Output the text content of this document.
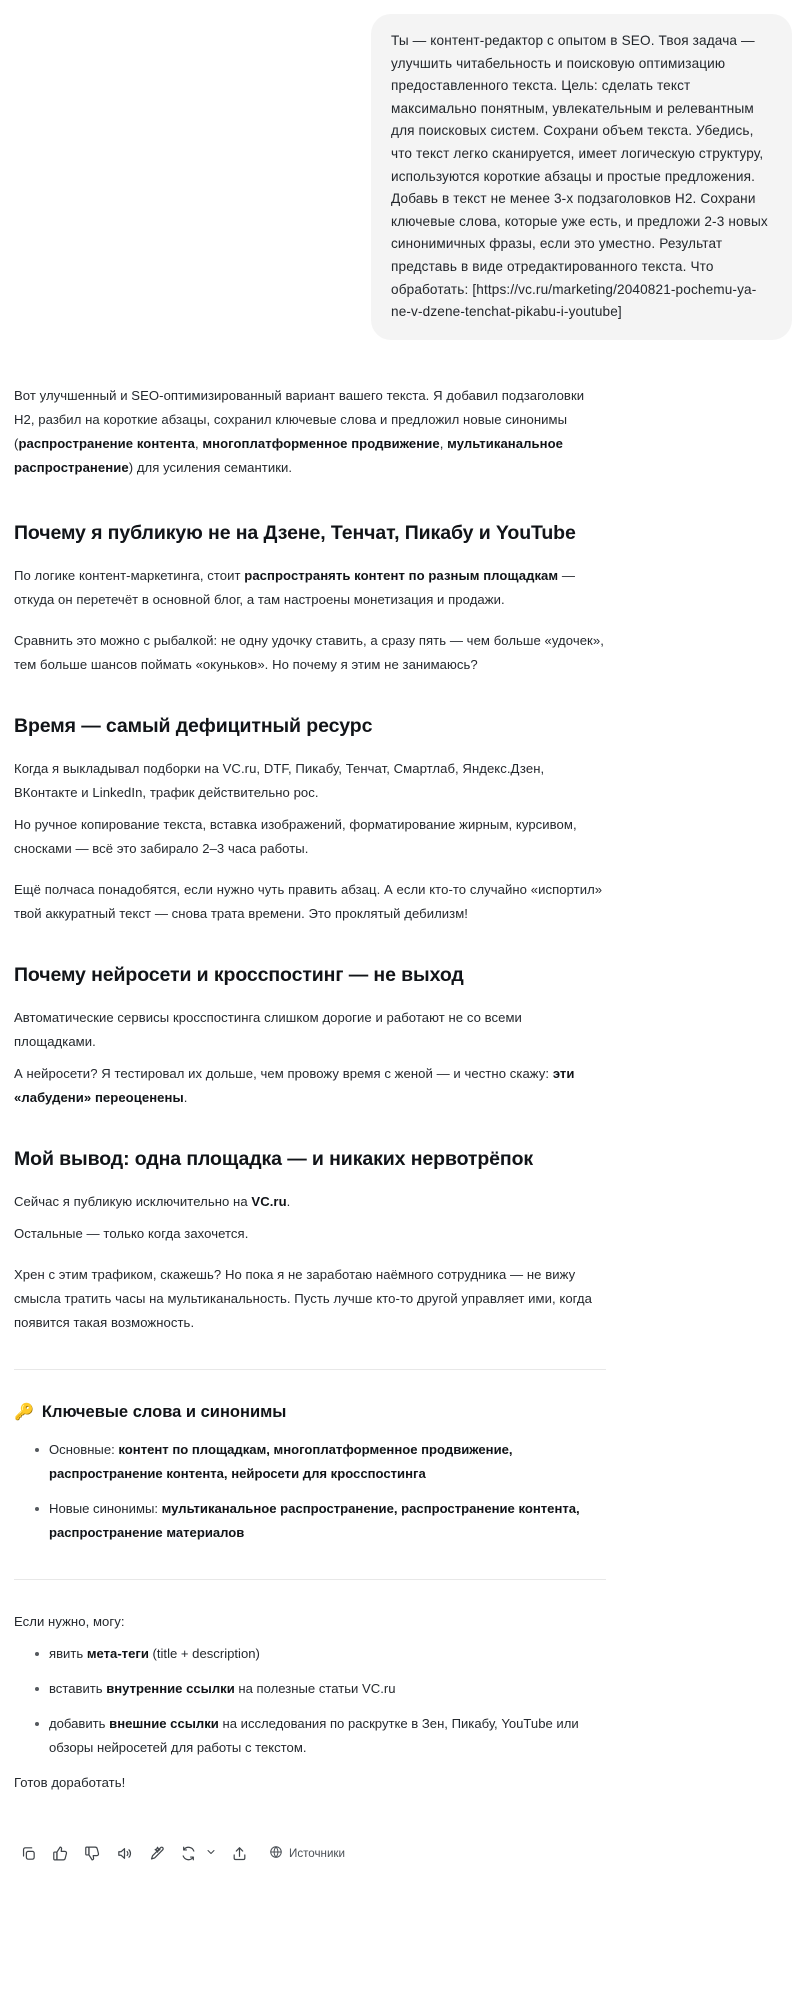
Ты — контент-редактор с опытом в SEO. Твоя задача — улучшить читабельность и поисковую оптимизацию предоставленного текста. Цель: сделать текст максимально понятным, увлекательным и релевантным для поисковых систем. Сохрани объем текста. Убедись, что текст легко сканируется, имеет логическую структуру, используются короткие абзацы и простые предложения. Добавь в текст не менее 3-х подзаголовков H2. Сохрани ключевые слова, которые уже есть, и предложи 2-3 новых синонимичных фразы, если это уместно. Результат представь в виде отредактированного текста. Что обработать: [https://vc.ru/marketing/2040821-pochemu-ya-ne-v-dzene-tenchat-pikabu-i-youtube]

Вот улучшенный и SEO-оптимизированный вариант вашего текста. Я добавил подзаголовки H2, разбил на короткие абзацы, сохранил ключевые слова и предложил новые синонимы (распространение контента, многоплатформенное продвижение, мультиканальное распространение) для усиления семантики.

Почему я публикую не на Дзене, Тенчат, Пикабу и YouTube

По логике контент-маркетинга, стоит распространять контент по разным площадкам — откуда он перетечёт в основной блог, а там настроены монетизация и продажи.

Сравнить это можно с рыбалкой: не одну удочку ставить, а сразу пять — чем больше «удочек», тем больше шансов поймать «окуньков». Но почему я этим не занимаюсь?

Время — самый дефицитный ресурс

Когда я выкладывал подборки на VC.ru, DTF, Пикабу, Тенчат, Смартлаб, Яндекс.Дзен, ВКонтакте и LinkedIn, трафик действительно рос.

Но ручное копирование текста, вставка изображений, форматирование жирным, курсивом, сносками — всё это забирало 2–3 часа работы.

Ещё полчаса понадобятся, если нужно чуть править абзац. А если кто-то случайно «испортил» твой аккуратный текст — снова трата времени. Это проклятый дебилизм!

Почему нейросети и кросспостинг — не выход

Автоматические сервисы кросспостинга слишком дорогие и работают не со всеми площадками.

А нейросети? Я тестировал их дольше, чем провожу время с женой — и честно скажу: эти «лабудени» переоценены.

Мой вывод: одна площадка — и никаких нервотрёпок

Сейчас я публикую исключительно на VC.ru.

Остальные — только когда захочется.

Хрен с этим трафиком, скажешь? Но пока я не заработаю наёмного сотрудника — не вижу смысла тратить часы на мультиканальность. Пусть лучше кто-то другой управляет ими, когда появится такая возможность.

🔑 Ключевые слова и синонимы
Основные: контент по площадкам, многоплатформенное продвижение, распространение контента, нейросети для кросспостинга
Новые синонимы: мультиканальное распространение, распространение контента, распространение материалов

Если нужно, могу:

явить мета-теги (title + description)
вставить внутренние ссылки на полезные статьи VC.ru
добавить внешние ссылки на исследования по раскрутке в Зен, Пикабу, YouTube или обзоры нейросетей для работы с текстом.

Готов доработать!

Источники
